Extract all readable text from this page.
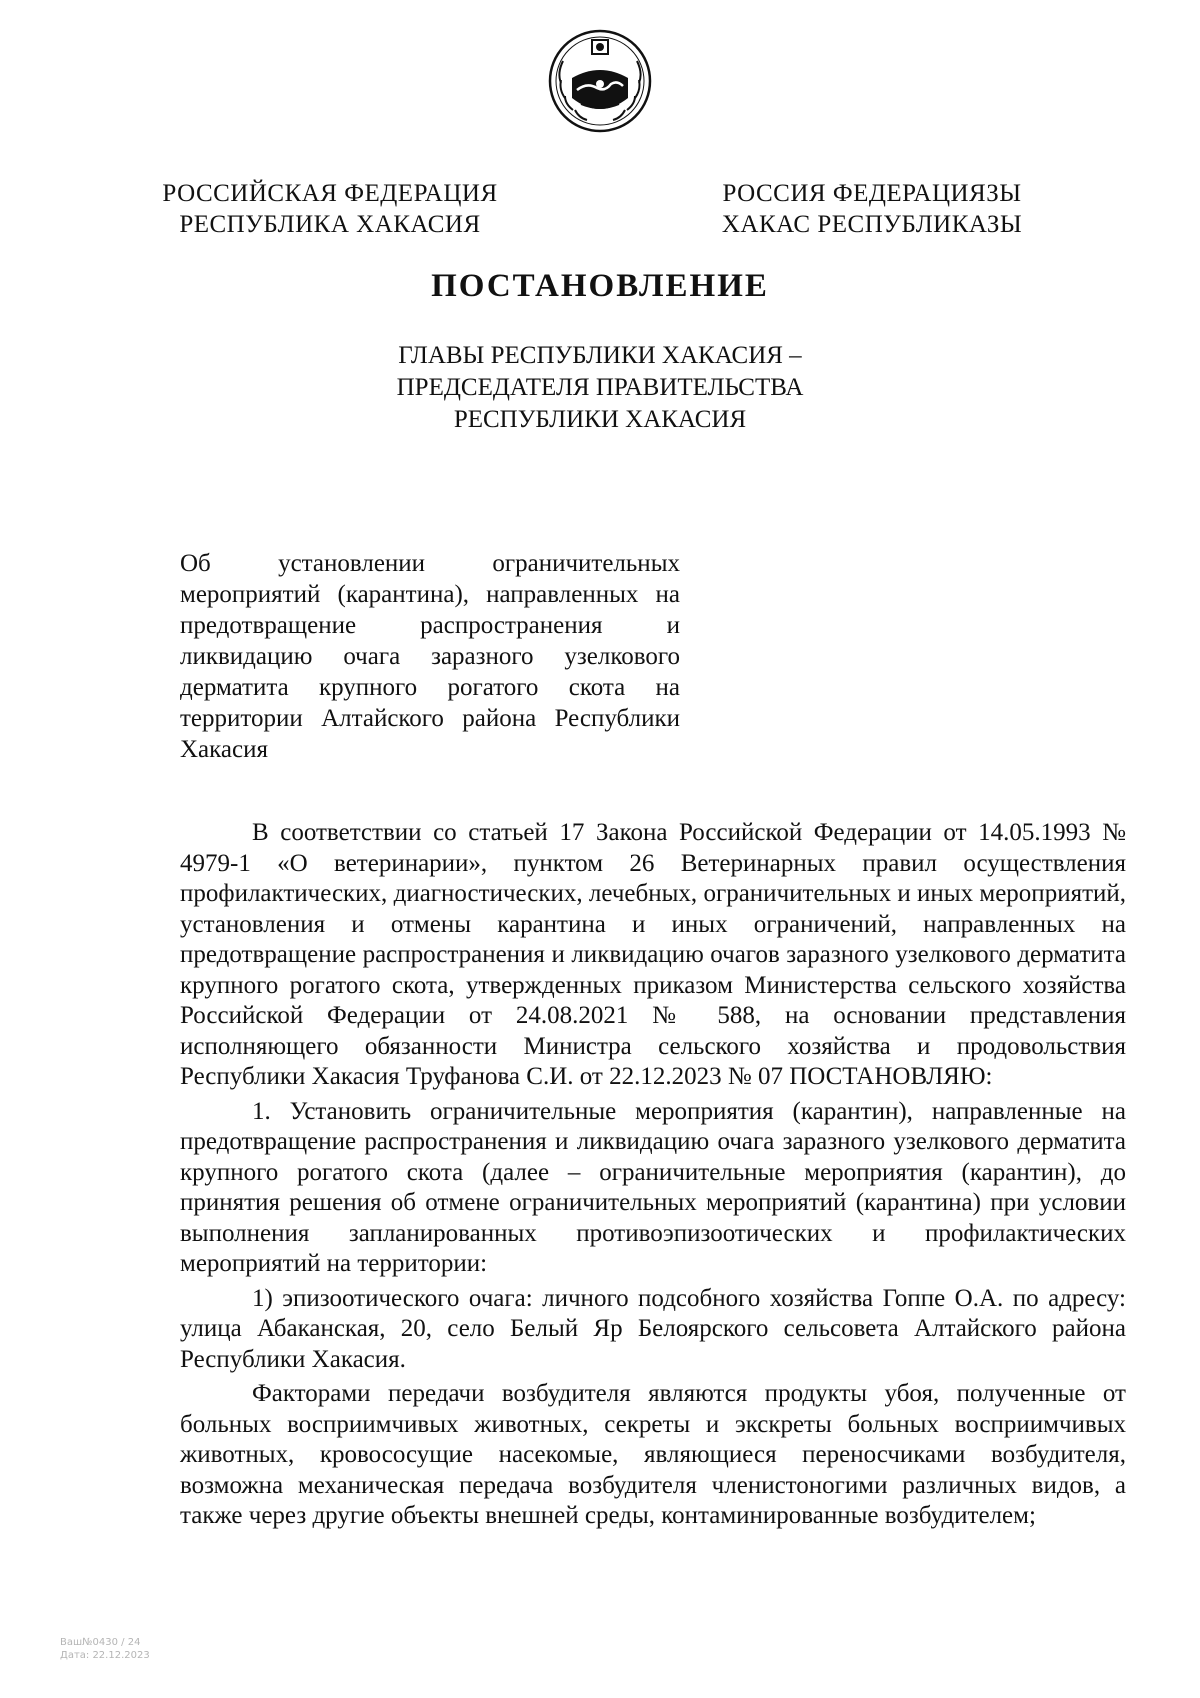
РОССИЙСКАЯ ФЕДЕРАЦИЯ
РЕСПУБЛИКА ХАКАСИЯ
РОССИЯ ФЕДЕРАЦИЯЗЫ
ХАКАС РЕСПУБЛИКАЗЫ
ПОСТАНОВЛЕНИЕ
ГЛАВЫ РЕСПУБЛИКИ ХАКАСИЯ –
ПРЕДСЕДАТЕЛЯ ПРАВИТЕЛЬСТВА
РЕСПУБЛИКИ ХАКАСИЯ
Об установлении ограничительных мероприятий (карантина), направленных на предотвращение распространения и ликвидацию очага заразного узелкового дерматита крупного рогатого скота на территории Алтайского района Республики Хакасия

В соответствии со статьей 17 Закона Российской Федерации от 14.05.1993 № 4979-1 «О ветеринарии», пунктом 26 Ветеринарных правил осуществления профилактических, диагностических, лечебных, ограничительных и иных мероприятий, установления и отмены карантина и иных ограничений, направленных на предотвращение распространения и ликвидацию очагов заразного узелкового дерматита крупного рогатого скота, утвержденных приказом Министерства сельского хозяйства Российской Федерации от 24.08.2021 № 588, на основании представления исполняющего обязанности Министра сельского хозяйства и продовольствия Республики Хакасия Труфанова С.И. от 22.12.2023 № 07 ПОСТАНОВЛЯЮ:

1. Установить ограничительные мероприятия (карантин), направленные на предотвращение распространения и ликвидацию очага заразного узелкового дерматита крупного рогатого скота (далее – ограничительные мероприятия (карантин), до принятия решения об отмене ограничительных мероприятий (карантина) при условии выполнения запланированных противоэпизоотических и профилактических мероприятий на территории:

1) эпизоотического очага: личного подсобного хозяйства Гоппе О.А. по адресу: улица Абаканская, 20, село Белый Яр Белоярского сельсовета Алтайского района Республики Хакасия.

Факторами передачи возбудителя являются продукты убоя, полученные от больных восприимчивых животных, секреты и экскреты больных восприимчивых животных, кровососущие насекомые, являющиеся переносчиками возбудителя, возможна механическая передача возбудителя членистоногими различных видов, а также через другие объекты внешней среды, контаминированные возбудителем;

Ваш№0430 / 24
Дата: 22.12.2023
